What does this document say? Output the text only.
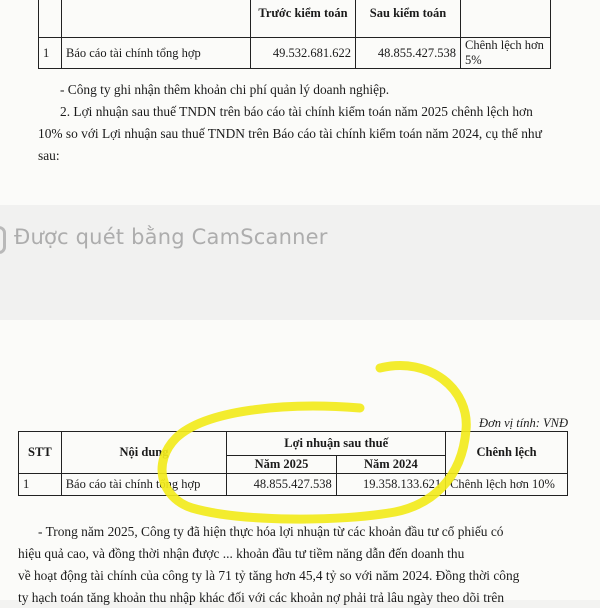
		Trước kiểm toán	Sau kiểm toán	
1	Báo cáo tài chính tổng hợp	49.532.681.622	48.855.427.538	Chênh lệch hơn 5%

- Công ty ghi nhận thêm khoản chi phí quản lý doanh nghiệp.

2. Lợi nhuận sau thuế TNDN trên báo cáo tài chính kiểm toán năm 2025 chênh lệch hơn

10% so với Lợi nhuận sau thuế TNDN trên Báo cáo tài chính kiểm toán năm 2024, cụ thể như

sau:

Được quét bằng CamScanner
Đơn vị tính: VNĐ
STT	Nội dung	Lợi nhuận sau thuế		Chênh lệch
		Năm 2025	Năm 2024	
1	Báo cáo tài chính tổng hợp	48.855.427.538	19.358.133.621	Chênh lệch hơn 10%

- Trong năm 2025, Công ty đã hiện thực hóa lợi nhuận từ các khoản đầu tư cổ phiếu có

hiệu quả cao, và đồng thời nhận được ... khoản đầu tư tiềm năng dẫn đến doanh thu

về hoạt động tài chính của công ty là 71 tỷ tăng hơn 45,4 tỷ so với năm 2024. Đồng thời công

ty hạch toán tăng khoản thu nhập khác đối với các khoản nợ phải trả lâu ngày theo dõi trên
